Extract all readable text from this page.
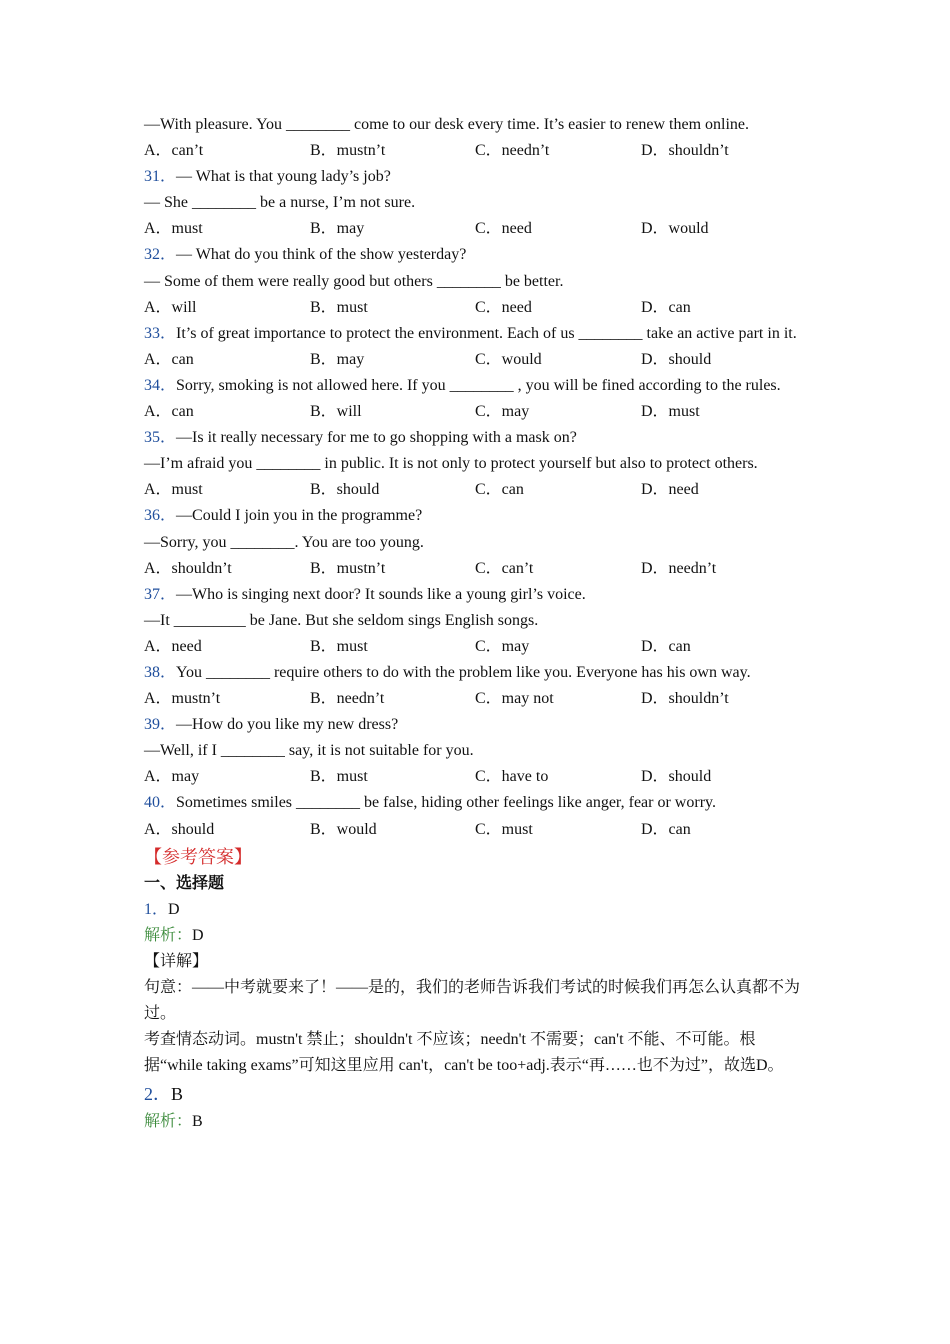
—With pleasure. You ________ come to our desk every time. It’s easier to renew them online.
A．can’t	B．mustn’t	C．needn’t	D．shouldn’t
31．— What is that young lady’s job?
— She ________ be a nurse, I’m not sure.
A．must	B．may	C．need	D．would
32．— What do you think of the show yesterday?
— Some of them were really good but others ________ be better.
A．will	B．must	C．need	D．can
33．It’s of great importance to protect the environment. Each of us ________ take an active part in it.
A．can	B．may	C．would	D．should
34．Sorry, smoking is not allowed here. If you ________ , you will be fined according to the rules.
A．can	B．will	C．may	D．must
35．—Is it really necessary for me to go shopping with a mask on?
—I’m afraid you ________ in public. It is not only to protect yourself but also to protect others.
A．must	B．should	C．can	D．need
36．—Could I join you in the programme?
—Sorry, you ________. You are too young.
A．shouldn’t	B．mustn’t	C．can’t	D．needn’t
37．—Who is singing next door? It sounds like a young girl’s voice.
—It _________ be Jane. But she seldom sings English songs.
A．need	B．must	C．may	D．can
38．You ________ require others to do with the problem like you. Everyone has his own way.
A．mustn’t	B．needn’t	C．may not	D．shouldn’t
39．—How do you like my new dress?
—Well, if I ________ say, it is not suitable for you.
A．may	B．must	C．have to	D．should
40．Sometimes smiles ________ be false, hiding other feelings like anger, fear or worry.
A．should	B．would	C．must	D．can
【参考答案】
一、选择题
1．D
解析：D
【详解】
句意：——中考就要来了！——是的，我们的老师告诉我们考试的时候我们再怎么认真都不为过。
考查情态动词。mustn't 禁止；shouldn't 不应该；needn't 不需要；can't 不能、不可能。根据“while taking exams”可知这里应用 can't，can't be too+adj.表示“再……也不为过”，故选D。
2．B
解析：B
